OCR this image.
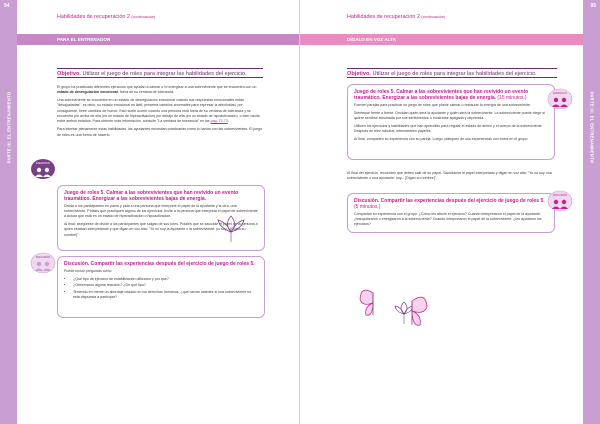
94
PARTE III. EL ENTRENAMIENTO
Habilidades de recuperación 2 (continuación)
PARA EL ENTRENADOR
Objetivo. Utilizar el juego de roles para integrar las habilidades del ejercicio.

El grupo ha practicado diferentes ejercicios que ayudan a calmar o re-energizar a una sobreviviente que se encuentra con un estado de desregulación emocional, fuera de su ventana de tolerancia.

Una sobreviviente se encuentra en un estado de desregulación emocional cuando sus respuestas emocionales están "desajustadas", es decir, su estado emocional es lábil, presenta cambios anormales para expresar la afectividad, por consiguiente, tiene cambios de humor. Esto suele ocurrir cuando una persona está fuera de su ventana de tolerancia y se encuentra por arriba de ella (en un estado de hiperactivación) por debajo de ella (en un estado de hipoactivación), o bien oscila entre ambos estados. Para obtener más información, consulte "La ventana de tolerancia" en las pág. 72-73.

Para intentar plenamente estas habilidades, las ayudantes necesitan practicarlas como lo harían con las sobrevivientes. El juego de roles es una forma de hacerlo.

Juego de roles 5. Calmar a las sobrevivientes que han revivido un evento traumático. Energizar a las sobrevivientes bajas de energía.

Divida a los participantes en pares y pida a una persona que interprete el papel de la ayudante y la otra, una sobreviviente. Pídales que practiquen alguno de los ejercicios. Invite a la persona que interpreta el papel de sobreviviente a actuar que está en un estado de hiperactivación o hipoactivación.

Al final, asegúrese de dividir a los participantes que salgan de sus roles. Pídales que se sacudan el papel de la persona a quien estaban interpretando y que digan en voz alta: "Yo no soy la ayudante o la sobreviviente, yo soy... [Digan su nombre]".

EJERCICIO
Discusión. Compartir las experiencias después del ejercicio de juego de roles 5.

Puede incluir preguntas como

• ¿Qué tipo de ejercicio de estabilización utilizaron y por qué?
• ¿Observaron alguna reacción? ¿De qué tipo?
• Teniendo en mente un abordaje basado en los derechos humanos, ¿qué harían ustedes si una sobreviviente no está dispuesta a participar?
DISCUSIÓN
95
PARTE III. EL ENTRENAMIENTO
Habilidades de recuperación 2 (continuación)
DÍGALO EN VOZ ALTA
Objetivo. Utilizar el juego de roles para integrar las habilidades del ejercicio.
Juego de roles 5. Calmar a las sobrevivientes que han revivido un evento traumático. Energizar a las sobrevivientes bajas de energía. (15 minutos.)

Formen parejas para practicar un juego de roles que puede calmar o restaurar la energía de una sobreviviente.

Siéntense frente a frente. Decidan quién será la ayudante y quién será la sobreviviente. La sobreviviente puede elegir si quiere sentirse abrumada por sus sentimientos o mostrarse apagada y deprimida.

Utilicen los ejercicios y habilidades que han aprendido para regular el estado de ánimo y el cuerpo de la sobreviviente. Después de diez minutos, intercambien papeles.

Al final, comparten su experiencia con su pareja. Luego, platiquen de sus experiencias con todos en el grupo.

EJERCICIO

Al final del ejercicio, recuerden que deben salir de su papel. Sacúdanse el papel interpretado y digan en voz alta: "Yo no soy una sobreviviente o una ayudante, soy... [Digan su nombre]".

Discusión. Compartir las experiencias después del ejercicio de juego de roles 5. (5 minutos.)

Compartan su experiencia con el grupo. ¿Cómo les afectó el ejercicio? Cuando interpretaron el papel de la ayudante, ¿tranquilizaron o energizaron a la sobreviviente? Cuando interpretaron el papel de la sobreviviente, ¿les ayudaron los ejercicios?

DISCUSIÓN
